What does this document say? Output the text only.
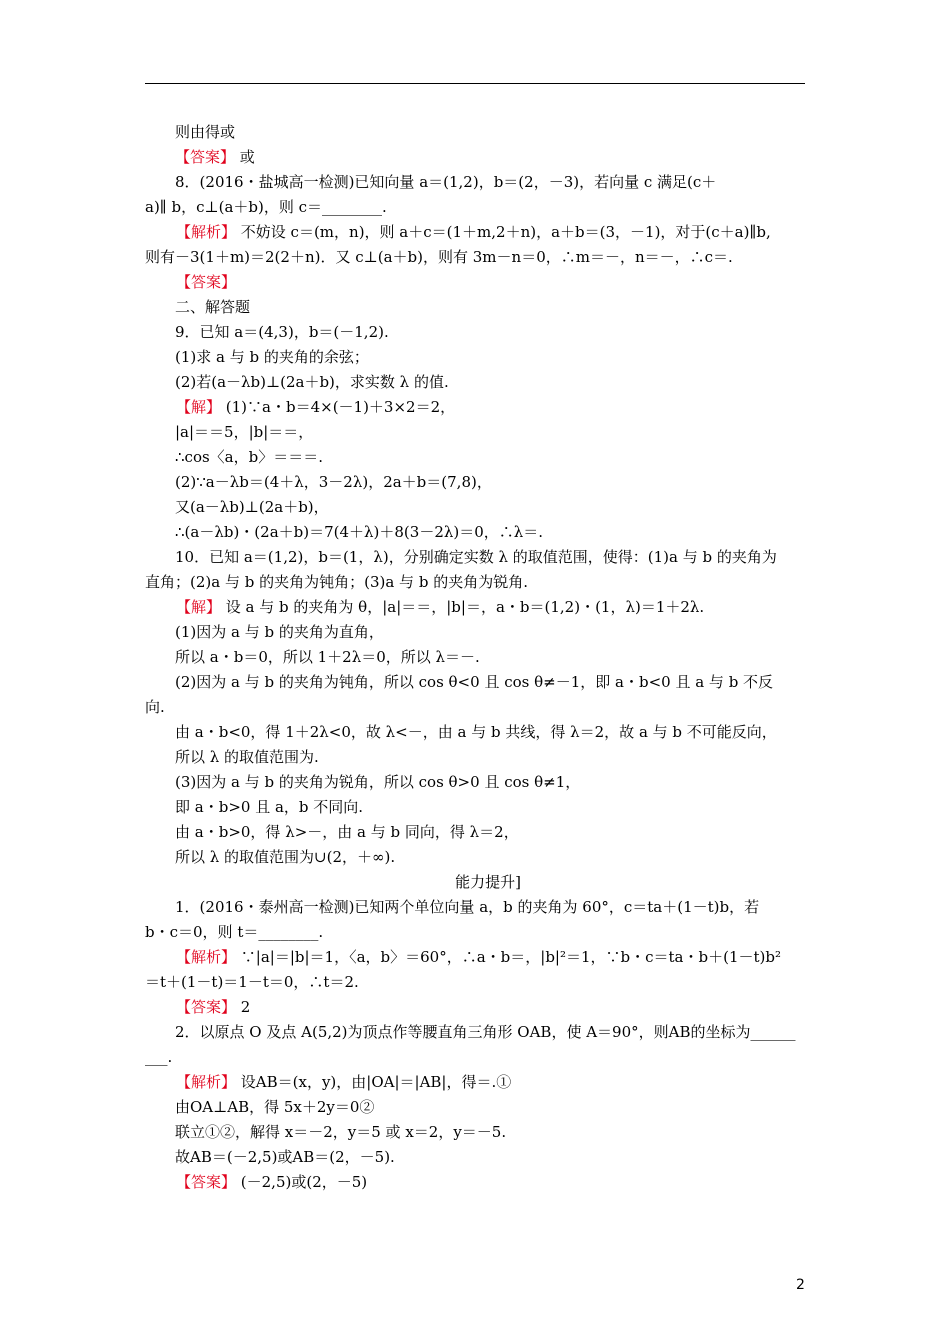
则由得或
【答案】 或
8．(2016・盐城高一检测)已知向量 a＝(1,2)，b＝(2，－3)，若向量 c 满足(c＋
a)∥ b，c⊥(a＋b)，则 c＝________.
【解析】 不妨设 c＝(m，n)，则 a＋c＝(1＋m,2＋n)，a＋b＝(3，－1)，对于(c＋a)∥b,
则有－3(1＋m)＝2(2＋n)．又 c⊥(a＋b)，则有 3m－n＝0，∴m＝－，n＝－，∴c＝.
【答案】
二、解答题
9．已知 a＝(4,3)，b＝(－1,2).
(1)求 a 与 b 的夹角的余弦；
(2)若(a－λb)⊥(2a＋b)，求实数 λ 的值.
【解】 (1)∵a・b＝4×(－1)＋3×2＝2，
|a|＝＝5，|b|＝＝，
∴cos〈a，b〉＝＝＝.
(2)∵a－λb＝(4＋λ，3－2λ)，2a＋b＝(7,8)，
又(a－λb)⊥(2a＋b)，
∴(a－λb)・(2a＋b)＝7(4＋λ)＋8(3－2λ)＝0，∴λ＝.
10．已知 a＝(1,2)，b＝(1，λ)，分别确定实数 λ 的取值范围，使得：(1)a 与 b 的夹角为
直角；(2)a 与 b 的夹角为钝角；(3)a 与 b 的夹角为锐角.
【解】 设 a 与 b 的夹角为 θ，|a|＝＝，|b|＝，a・b＝(1,2)・(1，λ)＝1＋2λ.
(1)因为 a 与 b 的夹角为直角，
所以 a・b＝0，所以 1＋2λ＝0，所以 λ＝－.
(2)因为 a 与 b 的夹角为钝角，所以 cos θ<0 且 cos θ≠－1，即 a・b<0 且 a 与 b 不反
向.
由 a・b<0，得 1＋2λ<0，故 λ<－，由 a 与 b 共线，得 λ＝2，故 a 与 b 不可能反向，
所以 λ 的取值范围为.
(3)因为 a 与 b 的夹角为锐角，所以 cos θ>0 且 cos θ≠1，
即 a・b>0 且 a，b 不同向.
由 a・b>0，得 λ>－，由 a 与 b 同向，得 λ＝2，
所以 λ 的取值范围为∪(2，＋∞).
能力提升]
1．(2016・泰州高一检测)已知两个单位向量 a，b 的夹角为 60°，c＝ta＋(1－t)b，若
b・c＝0，则 t＝________.
【解析】 ∵|a|＝|b|＝1，〈a，b〉＝60°，∴a・b＝，|b|²＝1，∵b・c＝ta・b＋(1－t)b²
＝t＋(1－t)＝1－t＝0，∴t＝2.
【答案】 2
2．以原点 O 及点 A(5,2)为顶点作等腰直角三角形 OAB，使 A＝90°，则AB的坐标为______
___.
【解析】 设AB＝(x，y)，由|OA|＝|AB|，得＝.①
由OA⊥AB，得 5x＋2y＝0②
联立①②，解得 x＝－2，y＝5 或 x＝2，y＝－5.
故AB＝(－2,5)或AB＝(2，－5).
【答案】 (－2,5)或(2，－5)
2
